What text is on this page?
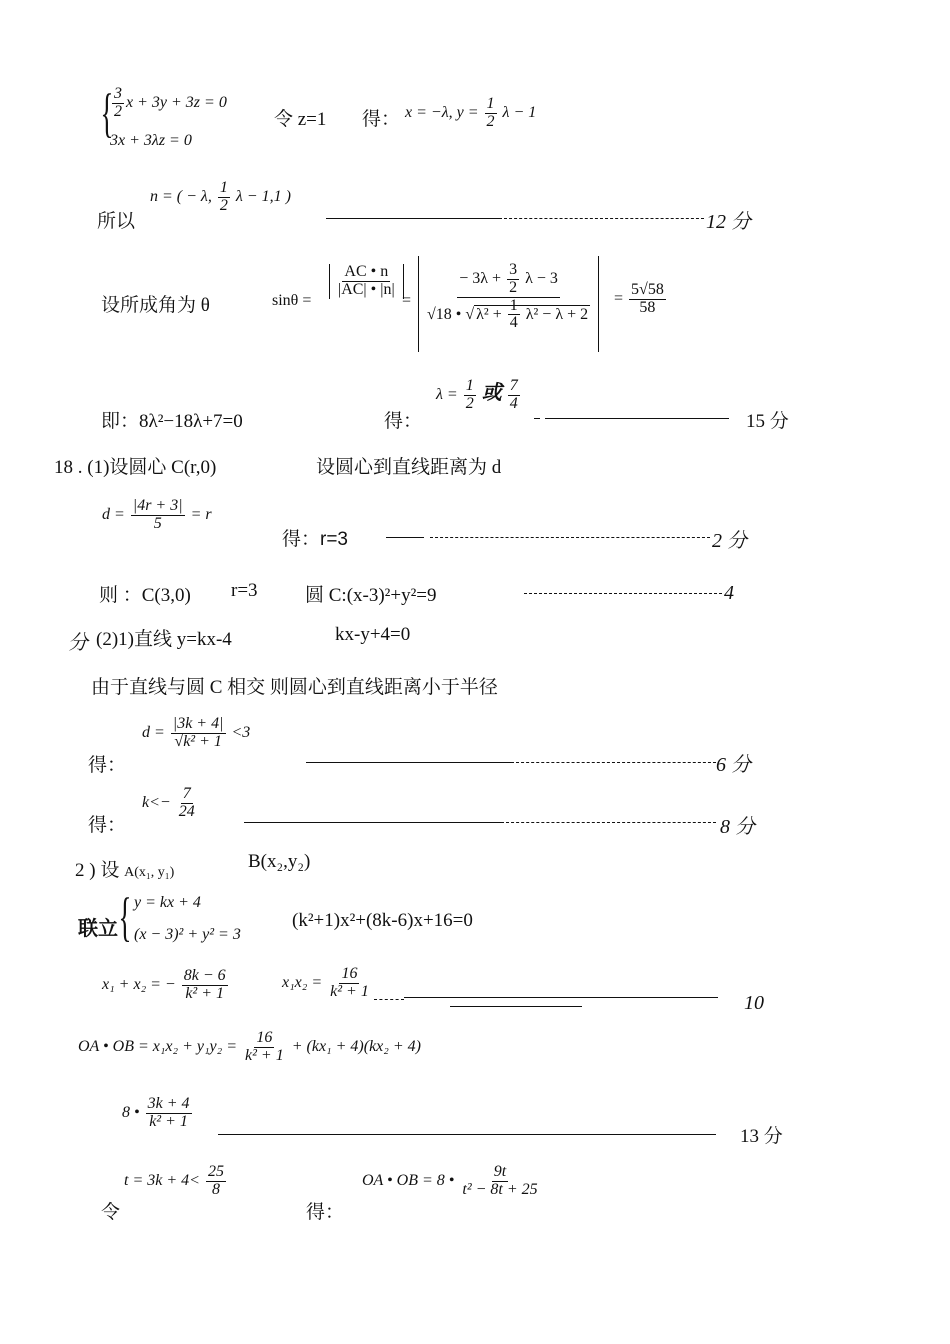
{
$\frac{3}{2}$ x + 3y + 3z = 0
3x + 3λz = 0
令 z=1 得： x = −λ, $y = \frac{1}{2}$ λ − 1
所以
n = ( − λ, $\frac{1}{2}$ λ − 1,1 )
12 分
设所成角为 θ	sinθ =
$\frac{AC • n}{|AC| • |n|}$
= $\frac{- 3\lambda + \frac{3}{2} \lambda - 3}{√18 • √ \lambda^2 + \frac{1}{4} \lambda^2 - \lambda + 2} = \frac{5√58}{58}$
即：8λ²−18λ+7=0	得：
$\lambda = \frac{1}{2}$ 或 $\frac{7}{4}$
15 分
18 . (1)设圆心 C(r,0)	设圆心到直线距离为 d
$d = \frac{|4r + 3|}{5} = r$
得：r=3	2 分
则 ：C(3,0) r=3 圆 C:(x-3)²+y²=9	4
分 (2)1)直线 y=kx-4	kx-y+4=0
由于直线与圆 C 相交 则圆心到直线距离小于半径
得：
$d = \frac{|3k + 4|}{\text{√k² + 1}} <3$
6 分
得：
$k<- \frac{7}{24}$
8 分
2 ) 设 A(x₁, y₁)
B(x₂,y₂)
联立 { y = kx + 4
(x − 3)² + y² = 3
(k²+1)x²+(8k-6)x+16=0
x₁ + x₂ = − $\frac{8k - 6}{\text{k² + 1}}$	$x_1x_2 = \frac{16}{\text{k² + 1}}$
10
OA • OB = $x_1x_2 + y_1y_2 = \frac{16}{\text{k² + 1}} + (kx_1 + 4)(kx_2 + 4)$
8 • $\frac{3k + 4}{\text{k² + 1}}$
13 分
令
$t = 3k + 4< \frac{25}{8}$
得：
OA • OB = 8 • $\frac{9t}{\text{t² − 8t + 25}}$
